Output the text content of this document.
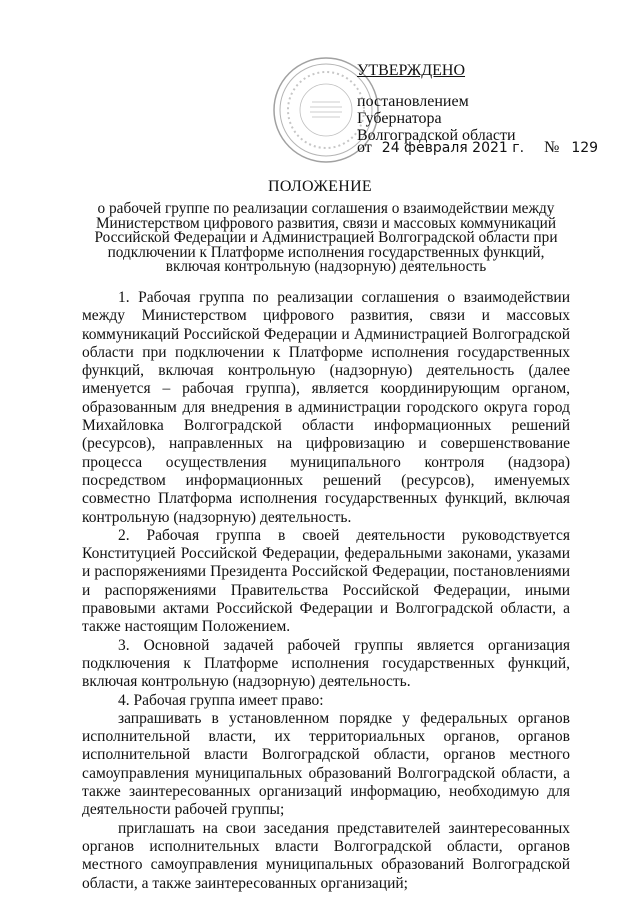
УТВЕРЖДЕНО
постановлением
Губернатора
Волгоградской области
от 24 февраля 2021 г. № 129
ПОЛОЖЕНИЕ
о рабочей группе по реализации соглашения о взаимодействии между Министерством цифрового развития, связи и массовых коммуникаций Российской Федерации и Администрацией Волгоградской области при подключении к Платформе исполнения государственных функций, включая контрольную (надзорную) деятельность

1. Рабочая группа по реализации соглашения о взаимодействии между Министерством цифрового развития, связи и массовых коммуникаций Российской Федерации и Администрацией Волгоградской области при подключении к Платформе исполнения государственных функций, включая контрольную (надзорную) деятельность (далее именуется – рабочая группа), является координирующим органом, образованным для внедрения в администрации городского округа город Михайловка Волгоградской области информационных решений (ресурсов), направленных на цифровизацию и совершенствование процесса осуществления муниципального контроля (надзора) посредством информационных решений (ресурсов), именуемых совместно Платформа исполнения государственных функций, включая контрольную (надзорную) деятельность.

2. Рабочая группа в своей деятельности руководствуется Конституцией Российской Федерации, федеральными законами, указами и распоряжениями Президента Российской Федерации, постановлениями и распоряжениями Правительства Российской Федерации, иными правовыми актами Российской Федерации и Волгоградской области, а также настоящим Положением.

3. Основной задачей рабочей группы является организация подключения к Платформе исполнения государственных функций, включая контрольную (надзорную) деятельность.

4. Рабочая группа имеет право:

запрашивать в установленном порядке у федеральных органов исполнительной власти, их территориальных органов, органов исполнительной власти Волгоградской области, органов местного самоуправления муниципальных образований Волгоградской области, а также заинтересованных организаций информацию, необходимую для деятельности рабочей группы;

приглашать на свои заседания представителей заинтересованных органов исполнительных власти Волгоградской области, органов местного самоуправления муниципальных образований Волгоградской области, а также заинтересованных организаций;
